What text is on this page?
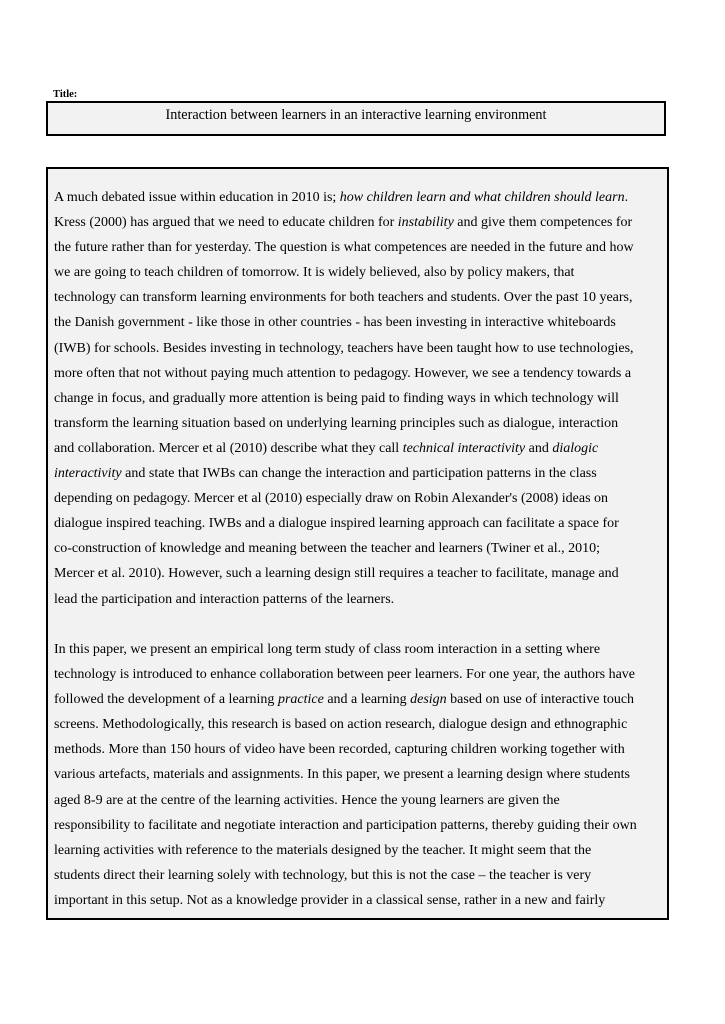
Title:
Interaction between learners in an interactive learning environment
A much debated issue within education in 2010 is; how children learn and what children should learn.
Kress (2000) has argued that we need to educate children for instability and give them competences for
the future rather than for yesterday. The question is what competences are needed in the future and how
we are going to teach children of tomorrow. It is widely believed, also by policy makers, that
technology can transform learning environments for both teachers and students. Over the past 10 years,
the Danish government - like those in other countries - has been investing in interactive whiteboards
(IWB) for schools. Besides investing in technology, teachers have been taught how to use technologies,
more often that not without paying much attention to pedagogy. However, we see a tendency towards a
change in focus, and gradually more attention is being paid to finding ways in which technology will
transform the learning situation based on underlying learning principles such as dialogue, interaction
and collaboration. Mercer et al (2010) describe what they call technical interactivity and dialogic
interactivity and state that IWBs can change the interaction and participation patterns in the class
depending on pedagogy. Mercer et al (2010) especially draw on Robin Alexander's (2008) ideas on
dialogue inspired teaching. IWBs and a dialogue inspired learning approach can facilitate a space for
co-construction of knowledge and meaning between the teacher and learners (Twiner et al., 2010;
Mercer et al. 2010). However, such a learning design still requires a teacher to facilitate, manage and
lead the participation and interaction patterns of the learners.
In this paper, we present an empirical long term study of class room interaction in a setting where
technology is introduced to enhance collaboration between peer learners. For one year, the authors have
followed the development of a learning practice and a learning design based on use of interactive touch
screens. Methodologically, this research is based on action research, dialogue design and ethnographic
methods. More than 150 hours of video have been recorded, capturing children working together with
various artefacts, materials and assignments. In this paper, we present a learning design where students
aged 8-9 are at the centre of the learning activities. Hence the young learners are given the
responsibility to facilitate and negotiate interaction and participation patterns, thereby guiding their own
learning activities with reference to the materials designed by the teacher. It might seem that the
students direct their learning solely with technology, but this is not the case – the teacher is very
important in this setup. Not as a knowledge provider in a classical sense, rather in a new and fairly
